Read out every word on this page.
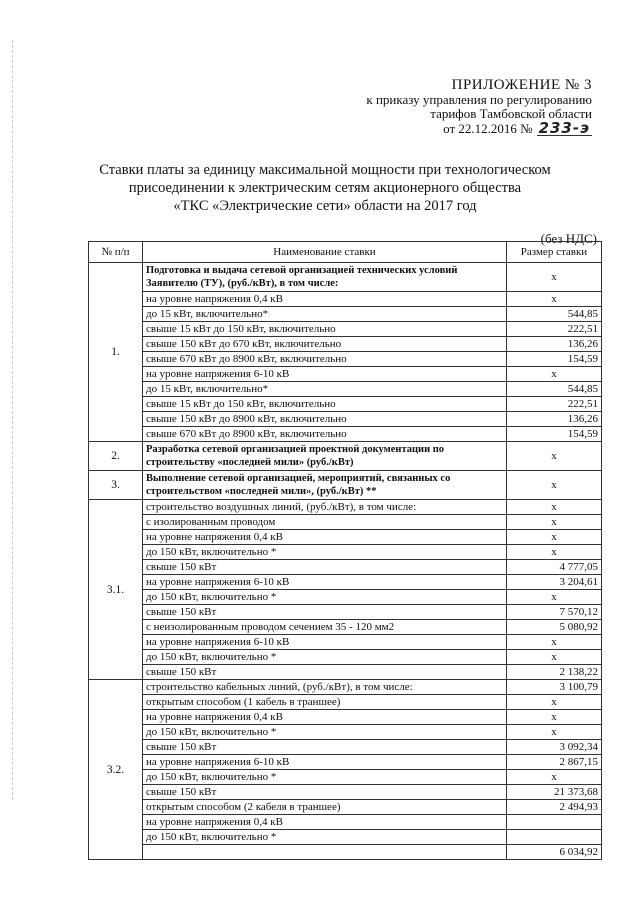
ПРИЛОЖЕНИЕ № 3
к приказу управления по регулированию
тарифов Тамбовской области
от 22.12.2016 № 233-э
Ставки платы за единицу максимальной мощности при технологическом
присоединении к электрическим сетям акционерного общества
«ТКС «Электрические сети» области на 2017 год
(без НДС)
№ п/п	Наименование ставки	Размер ставки
1.	Подготовка и выдача сетевой организацией технических условий Заявителю (ТУ), (руб./кВт), в том числе:	х
	на уровне напряжения 0,4 кВ	х
	до 15 кВт, включительно*	544,85
	свыше 15 кВт до 150 кВт, включительно	222,51
	свыше 150 кВт до 670 кВт, включительно	136,26
	свыше 670 кВт до 8900 кВт, включительно	154,59
	на уровне напряжения 6-10 кВ	х
	до 15 кВт, включительно*	544,85
	свыше 15 кВт до 150 кВт, включительно	222,51
	свыше 150 кВт до 8900 кВт, включительно	136,26
	свыше 670 кВт до 8900 кВт, включительно	154,59
2.	Разработка сетевой организацией проектной документации по строительству «последней мили» (руб./кВт)	х
3.	Выполнение сетевой организацией, мероприятий, связанных со строительством «последней мили», (руб./кВт) **	х
3.1.	строительство воздушных линий, (руб./кВт), в том числе:	х
	с изолированным проводом	х
	на уровне напряжения 0,4 кВ	х
	до 150 кВт, включительно *	х
	свыше 150 кВт	4 777,05
	на уровне напряжения 6-10 кВ	3 204,61
	до 150 кВт, включительно *	х
	свыше 150 кВт	7 570,12
	с неизолированным проводом сечением 35 - 120 мм2	5 080,92
	на уровне напряжения 6-10 кВ	х
	до 150 кВт, включительно *	х
	свыше 150 кВт	2 138,22
3.2.	строительство кабельных линий, (руб./кВт), в том числе:	3 100,79
	открытым способом (1 кабель в траншее)	х
	на уровне напряжения 0,4 кВ	х
	до 150 кВт, включительно *	х
	свыше 150 кВт	3 092,34
	на уровне напряжения 6-10 кВ	2 867,15
	до 150 кВт, включительно *	х
	свыше 150 кВт	21 373,68
	открытым способом (2 кабеля в траншее)	2 494,93
	на уровне напряжения 0,4 кВ	
	до 150 кВт, включительно *	
		6 034,92
